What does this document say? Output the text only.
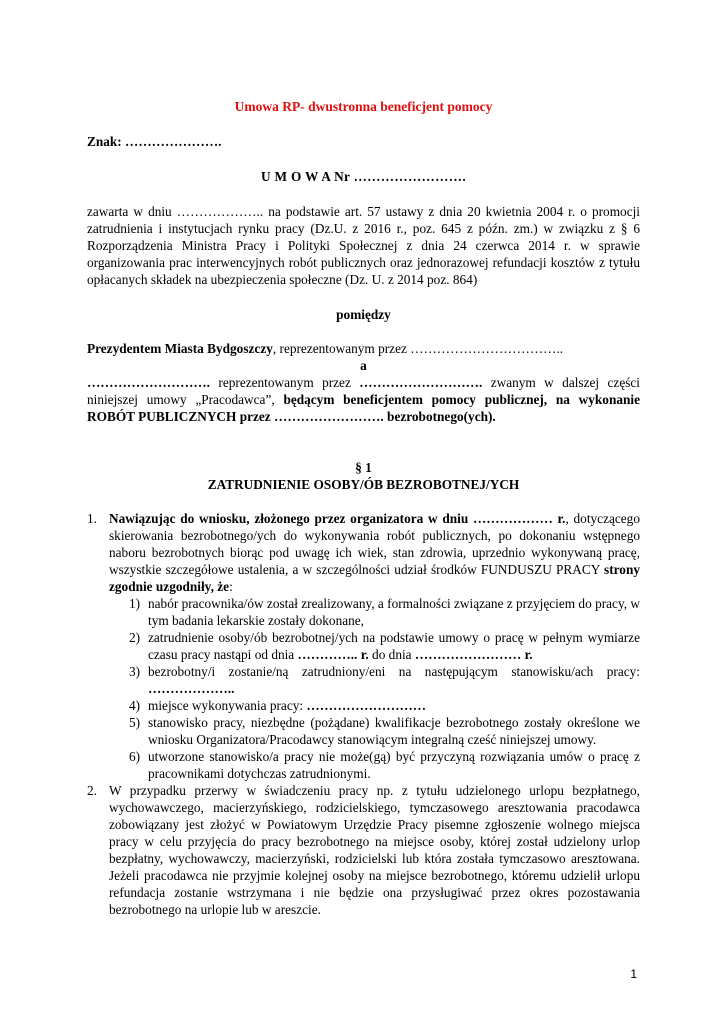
Umowa RP- dwustronna beneficjent pomocy

Znak: ………………….

U M O W A Nr …………………….

zawarta w dniu ……………….. na podstawie art. 57 ustawy z dnia 20 kwietnia 2004 r. o promocji zatrudnienia i instytucjach rynku pracy (Dz.U. z 2016 r., poz. 645 z późn. zm.) w związku z § 6 Rozporządzenia Ministra Pracy i Polityki Społecznej z dnia 24 czerwca 2014 r. w sprawie organizowania prac interwencyjnych robót publicznych oraz jednorazowej refundacji kosztów z tytułu opłacanych składek na ubezpieczenia społeczne (Dz. U. z 2014 poz. 864)

pomiędzy

Prezydentem Miasta Bydgoszczy, reprezentowanym przez ……………………………..

a

………………………. reprezentowanym przez ………………………. zwanym w dalszej części niniejszej umowy „Pracodawca”, będącym beneficjentem pomocy publicznej, na wykonanie ROBÓT PUBLICZNYCH przez ……………………. bezrobotnego(ych).

§ 1

ZATRUDNIENIE OSOBY/ÓB BEZROBOTNEJ/YCH

1. Nawiązując do wniosku, złożonego przez organizatora w dniu ……………… r., dotyczącego skierowania bezrobotnego/ych do wykonywania robót publicznych, po dokonaniu wstępnego naboru bezrobotnych biorąc pod uwagę ich wiek, stan zdrowia, uprzednio wykonywaną pracę, wszystkie szczegółowe ustalenia, a w szczególności udział środków FUNDUSZU PRACY strony zgodnie uzgodniły, że:
1) nabór pracownika/ów został zrealizowany, a formalności związane z przyjęciem do pracy, w tym badania lekarskie zostały dokonane,
2) zatrudnienie osoby/ób bezrobotnej/ych na podstawie umowy o pracę w pełnym wymiarze czasu pracy nastąpi od dnia ………….. r. do dnia …………………… r.
3) bezrobotny/i zostanie/ną zatrudniony/eni na następującym stanowisku/ach pracy: ………………..
4) miejsce wykonywania pracy: ………………………
5) stanowisko pracy, niezbędne (pożądane) kwalifikacje bezrobotnego zostały określone we wniosku Organizatora/Pracodawcy stanowiącym integralną cześć niniejszej umowy.
6) utworzone stanowisko/a pracy nie może(gą) być przyczyną rozwiązania umów o pracę z pracownikami dotychczas zatrudnionymi.
2. W przypadku przerwy w świadczeniu pracy np. z tytułu udzielonego urlopu bezpłatnego, wychowawczego, macierzyńskiego, rodzicielskiego, tymczasowego aresztowania pracodawca zobowiązany jest złożyć w Powiatowym Urzędzie Pracy pisemne zgłoszenie wolnego miejsca pracy w celu przyjęcia do pracy bezrobotnego na miejsce osoby, której został udzielony urlop bezpłatny, wychowawczy, macierzyński, rodzicielski lub która została tymczasowo aresztowana. Jeżeli pracodawca nie przyjmie kolejnej osoby na miejsce bezrobotnego, któremu udzielił urlopu refundacja zostanie wstrzymana i nie będzie ona przysługiwać przez okres pozostawania bezrobotnego na urlopie lub w areszcie.
1
